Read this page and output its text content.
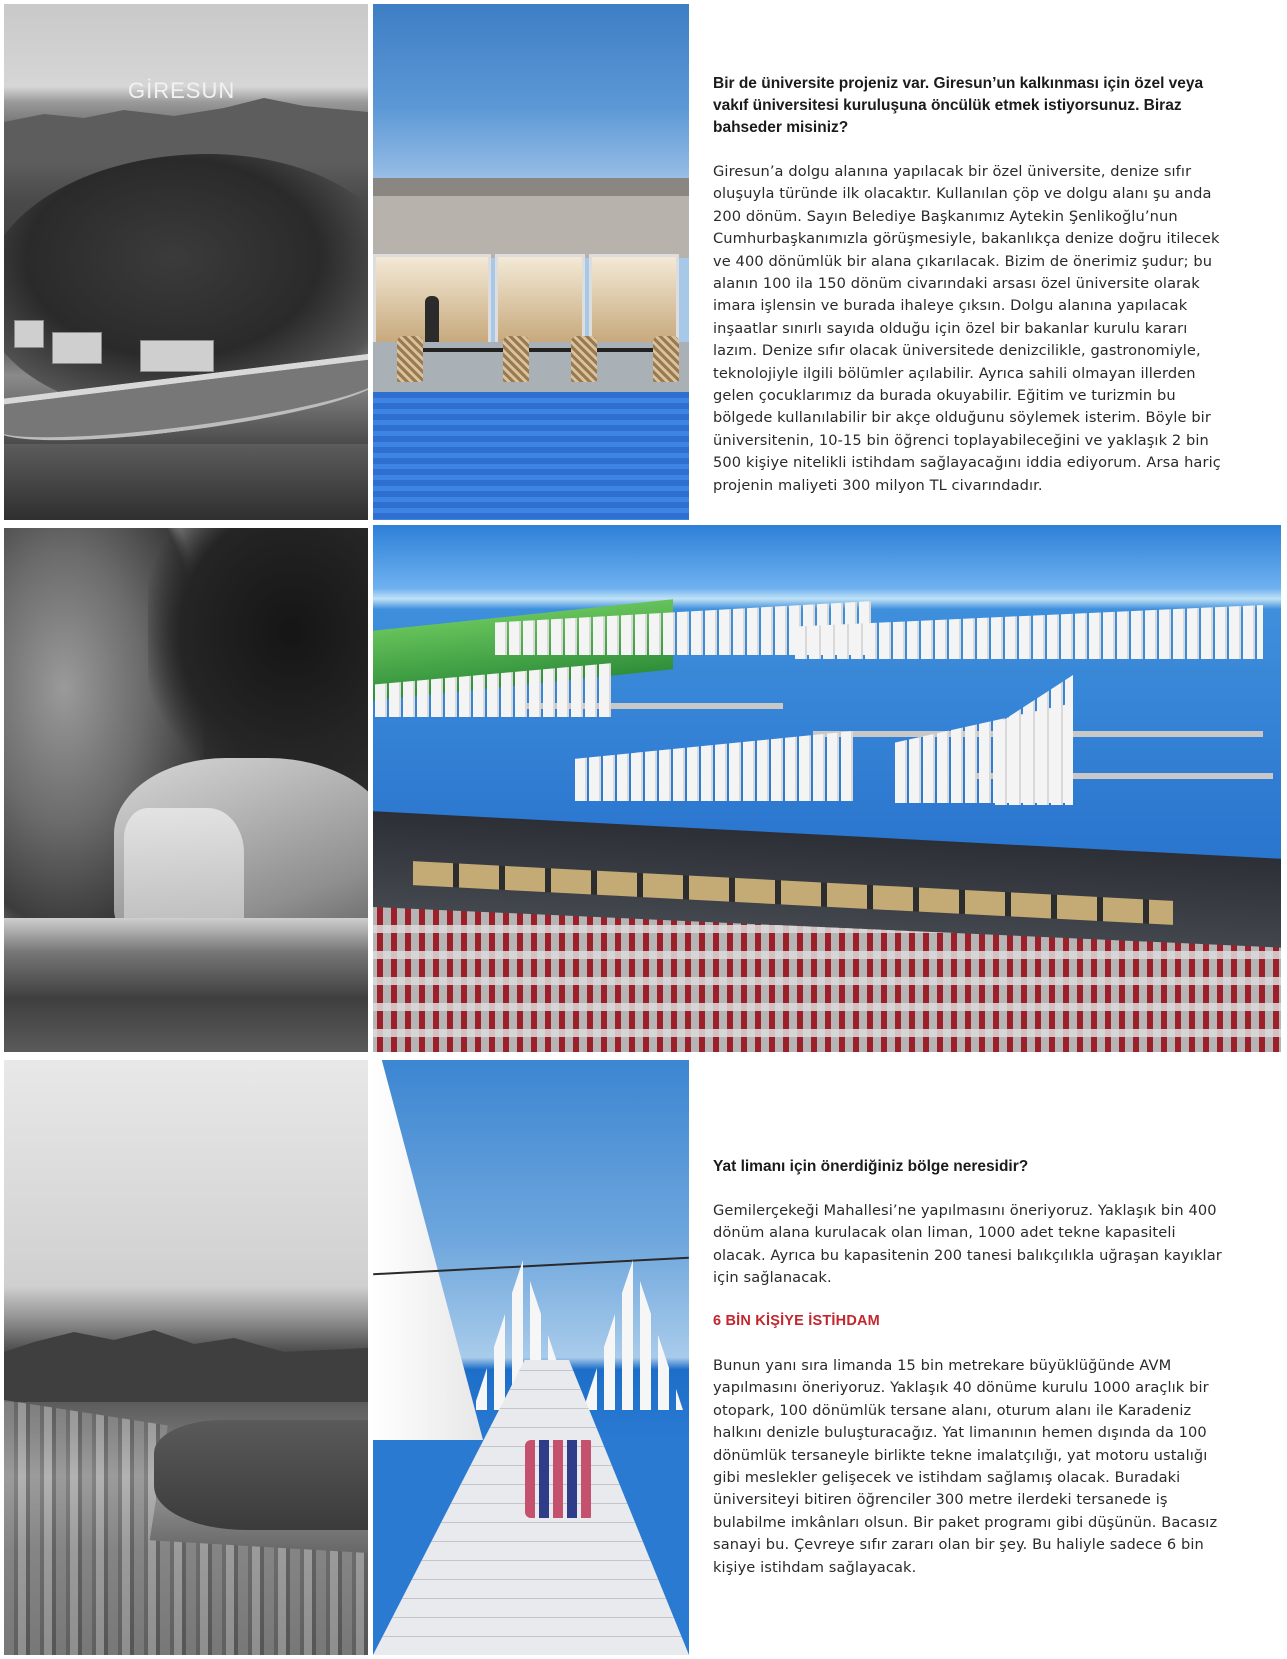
GİRESUN	Bir de üniversite projeniz var. Giresun’un kalkınması için özel veya vakıf üniversitesi kuruluşuna öncülük etmek istiyorsunuz. Biraz bahseder misiniz?

Giresun’a dolgu alanına yapılacak bir özel üniversite, denize sıfır oluşuyla türünde ilk olacaktır. Kullanılan çöp ve dolgu alanı şu anda 200 dönüm. Sayın Belediye Başkanımız Aytekin Şenlikoğlu’nun Cumhurbaşkanımızla görüşmesiyle, bakanlıkça denize doğru itilecek ve 400 dönümlük bir alana çıkarılacak. Bizim de önerimiz şudur; bu alanın 100 ila 150 dönüm civarındaki arsası özel üniversite olarak imara işlensin ve burada ihaleye çıksın. Dolgu alanına yapılacak inşaatlar sınırlı sayıda olduğu için özel bir bakanlar kurulu kararı lazım. Denize sıfır olacak üniversitede denizcilikle, gastronomiyle, teknolojiyle ilgili bölümler açılabilir. Ayrıca sahili olmayan illerden gelen çocuklarımız da burada okuyabilir. Eğitim ve turizmin bu bölgede kullanılabilir bir akçe olduğunu söylemek isterim. Böyle bir üniversitenin, 10-15 bin öğrenci toplayabileceğini ve yaklaşık 2 bin 500 kişiye nitelikli istihdam sağlayacağını iddia ediyorum. Arsa hariç projenin maliyeti 300 milyon TL civarındadır.

Yat limanı için önerdiğiniz bölge neresidir?

Gemilerçekeği Mahallesi’ne yapılmasını öneriyoruz. Yaklaşık bin 400 dönüm alana kurulacak olan liman, 1000 adet tekne kapasiteli olacak. Ayrıca bu kapasitenin 200 tanesi balıkçılıkla uğraşan kayıklar için sağlanacak.

6 BİN KİŞİYE İSTİHDAM

Bunun yanı sıra limanda 15 bin metrekare büyüklüğünde AVM yapılmasını öneriyoruz. Yaklaşık 40 dönüme kurulu 1000 araçlık bir otopark, 100 dönümlük tersane alanı, oturum alanı ile Karadeniz halkını denizle buluşturacağız. Yat limanının hemen dışında da 100 dönümlük tersaneyle birlikte tekne imalatçılığı, yat motoru ustalığı gibi meslekler gelişecek ve istihdam sağlamış olacak. Buradaki üniversiteyi bitiren öğrenciler 300 metre ilerdeki tersanede iş bulabilme imkânları olsun. Bir paket programı gibi düşünün. Bacasız sanayi bu. Çevreye sıfır zararı olan bir şey. Bu haliyle sadece 6 bin kişiye istihdam sağlayacak.
